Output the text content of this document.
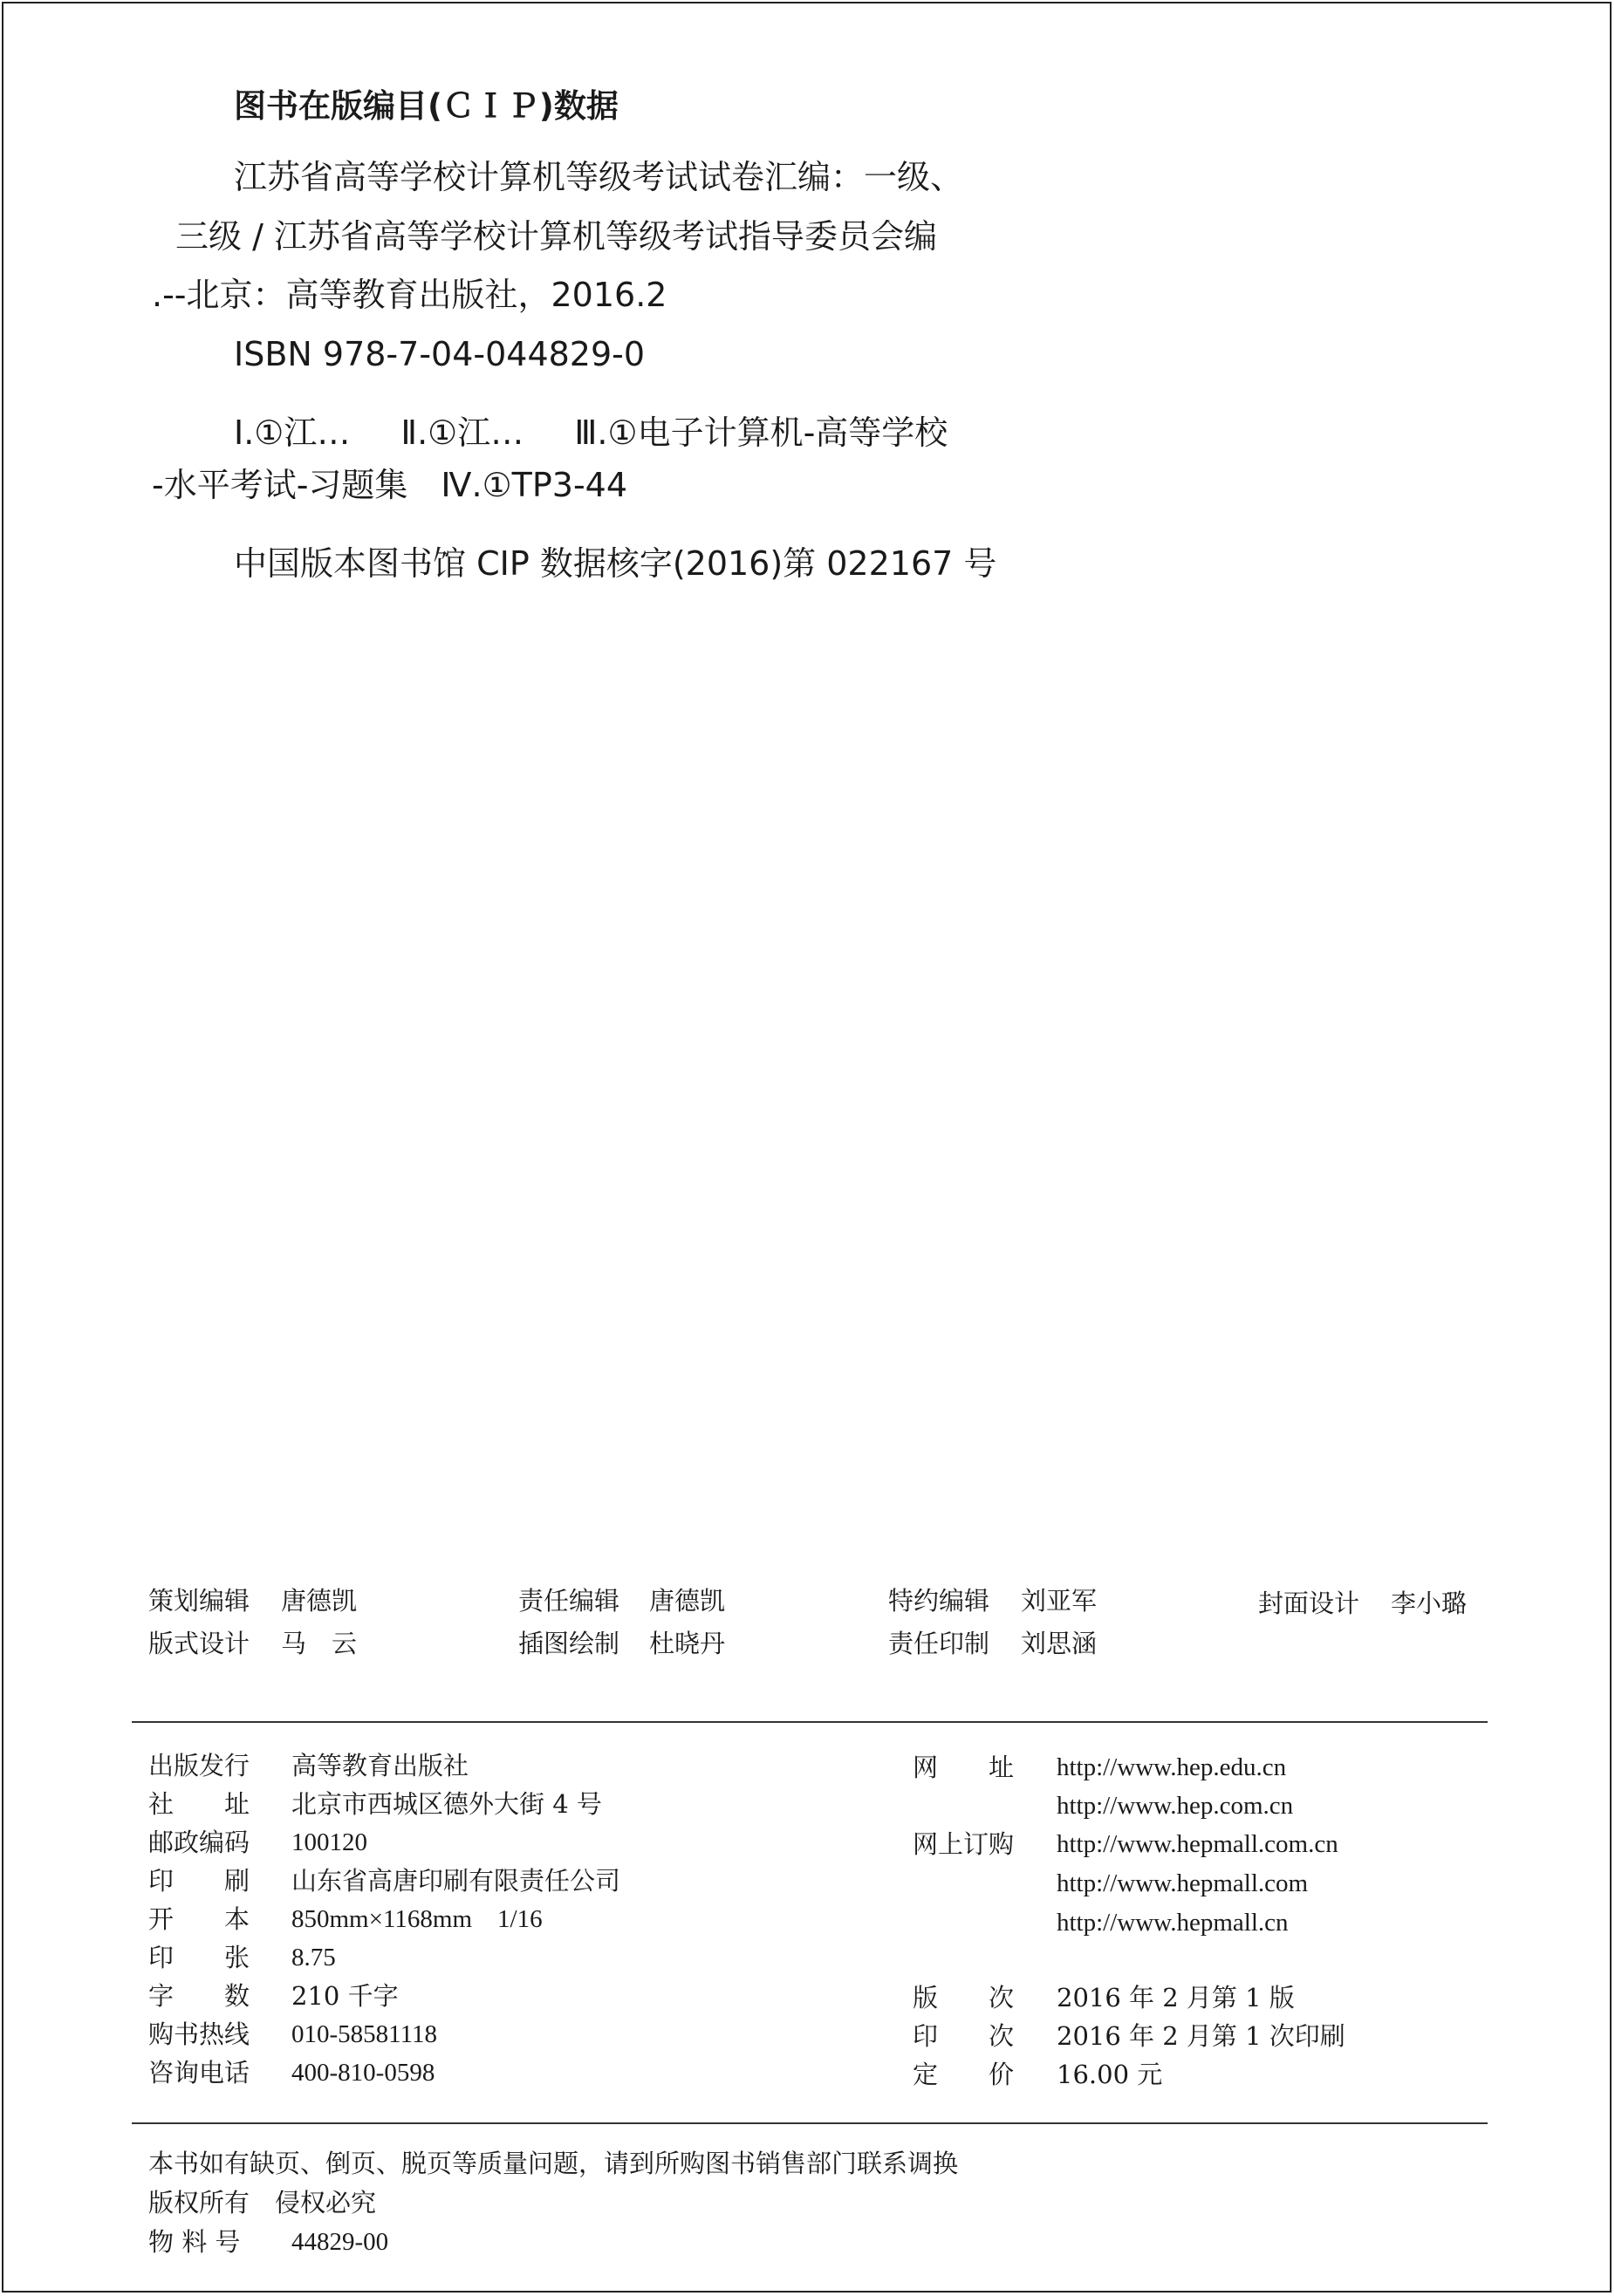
图书在版编目(ＣＩＰ)数据
江苏省高等学校计算机等级考试试卷汇编：一级、
三级 / 江苏省高等学校计算机等级考试指导委员会编
.--北京：高等教育出版社，2016.2
ISBN 978-7-04-044829-0
Ⅰ.①江… Ⅱ.①江… Ⅲ.①电子计算机-高等学校
-水平考试-习题集　Ⅳ.①TP3-44
中国版本图书馆 CIP 数据核字(2016)第 022167 号
策划编辑 唐德凯	责任编辑 唐德凯	特约编辑 刘亚军	封面设计 李小璐
版式设计 马　云	插图绘制 杜晓丹	责任印制 刘思涵
出版发行 高等教育出版社
社　　址 北京市西城区德外大街 4 号
邮政编码 100120
印　　刷 山东省高唐印刷有限责任公司
开　　本 850mm×1168mm　1/16
印　　张 8.75
字　　数 210 千字
购书热线 010-58581118
咨询电话 400-810-0598
网　　址 http://www.hep.edu.cn
http://www.hep.com.cn
网上订购 http://www.hepmall.com.cn
http://www.hepmall.com
http://www.hepmall.cn
版　　次 2016 年 2 月第 1 版
印　　次 2016 年 2 月第 1 次印刷
定　　价 16.00 元
本书如有缺页、倒页、脱页等质量问题，请到所购图书销售部门联系调换
版权所有　侵权必究
物 料 号 44829-00
